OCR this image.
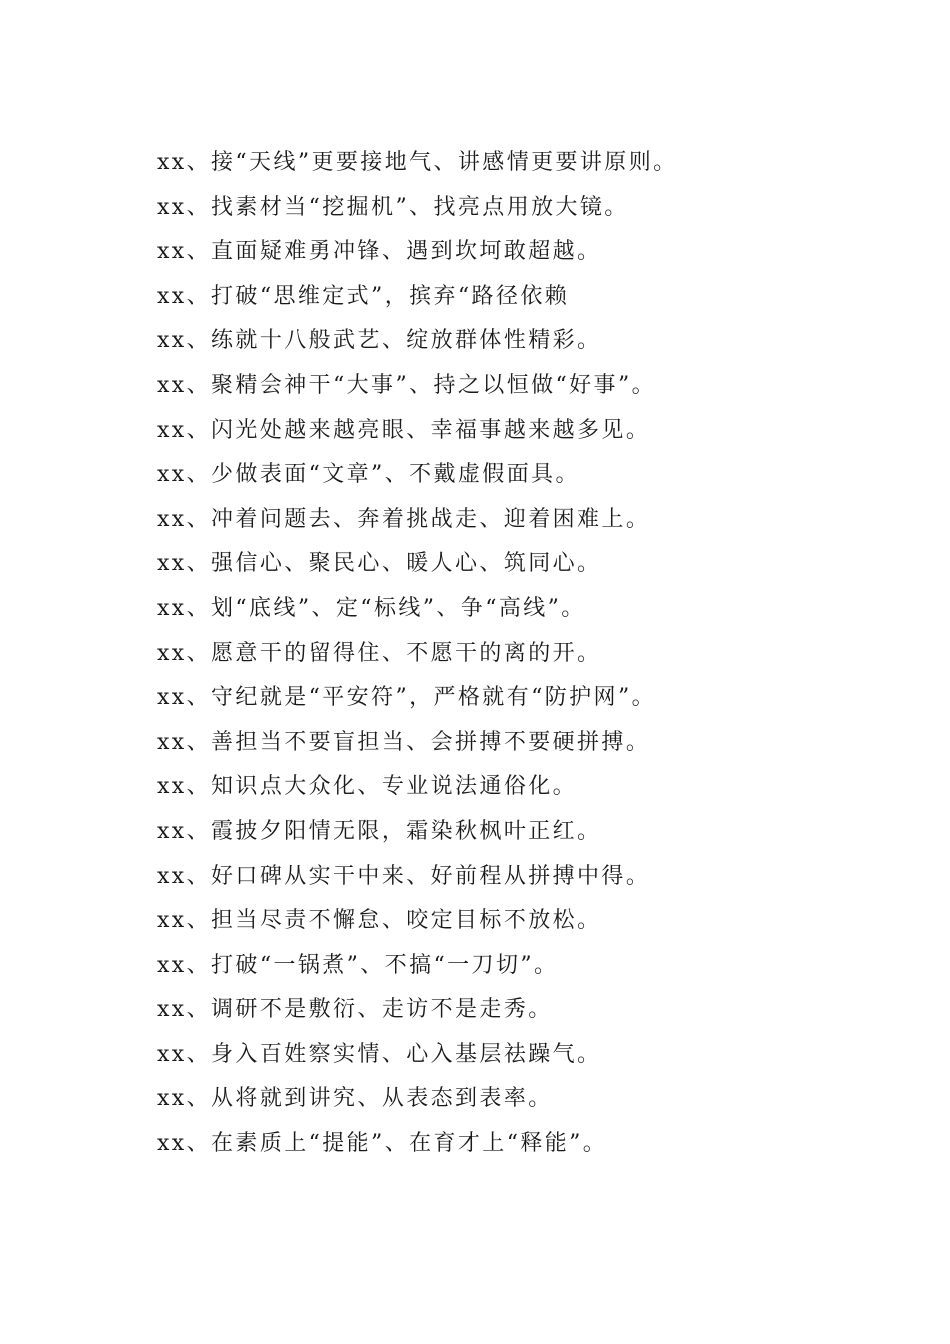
xx、接“天线”更要接地气、讲感情更要讲原则。
xx、找素材当“挖掘机”、找亮点用放大镜。
xx、直面疑难勇冲锋、遇到坎坷敢超越。
xx、打破“思维定式”，摈弃“路径依赖
xx、练就十八般武艺、绽放群体性精彩。
xx、聚精会神干“大事”、持之以恒做“好事”。
xx、闪光处越来越亮眼、幸福事越来越多见。
xx、少做表面“文章”、不戴虚假面具。
xx、冲着问题去、奔着挑战走、迎着困难上。
xx、强信心、聚民心、暖人心、筑同心。
xx、划“底线”、定“标线”、争“高线”。
xx、愿意干的留得住、不愿干的离的开。
xx、守纪就是“平安符”，严格就有“防护网”。
xx、善担当不要盲担当、会拼搏不要硬拼搏。
xx、知识点大众化、专业说法通俗化。
xx、霞披夕阳情无限，霜染秋枫叶正红。
xx、好口碑从实干中来、好前程从拼搏中得。
xx、担当尽责不懈怠、咬定目标不放松。
xx、打破“一锅煮”、不搞“一刀切”。
xx、调研不是敷衍、走访不是走秀。
xx、身入百姓察实情、心入基层祛躁气。
xx、从将就到讲究、从表态到表率。
xx、在素质上“提能”、在育才上“释能”。
